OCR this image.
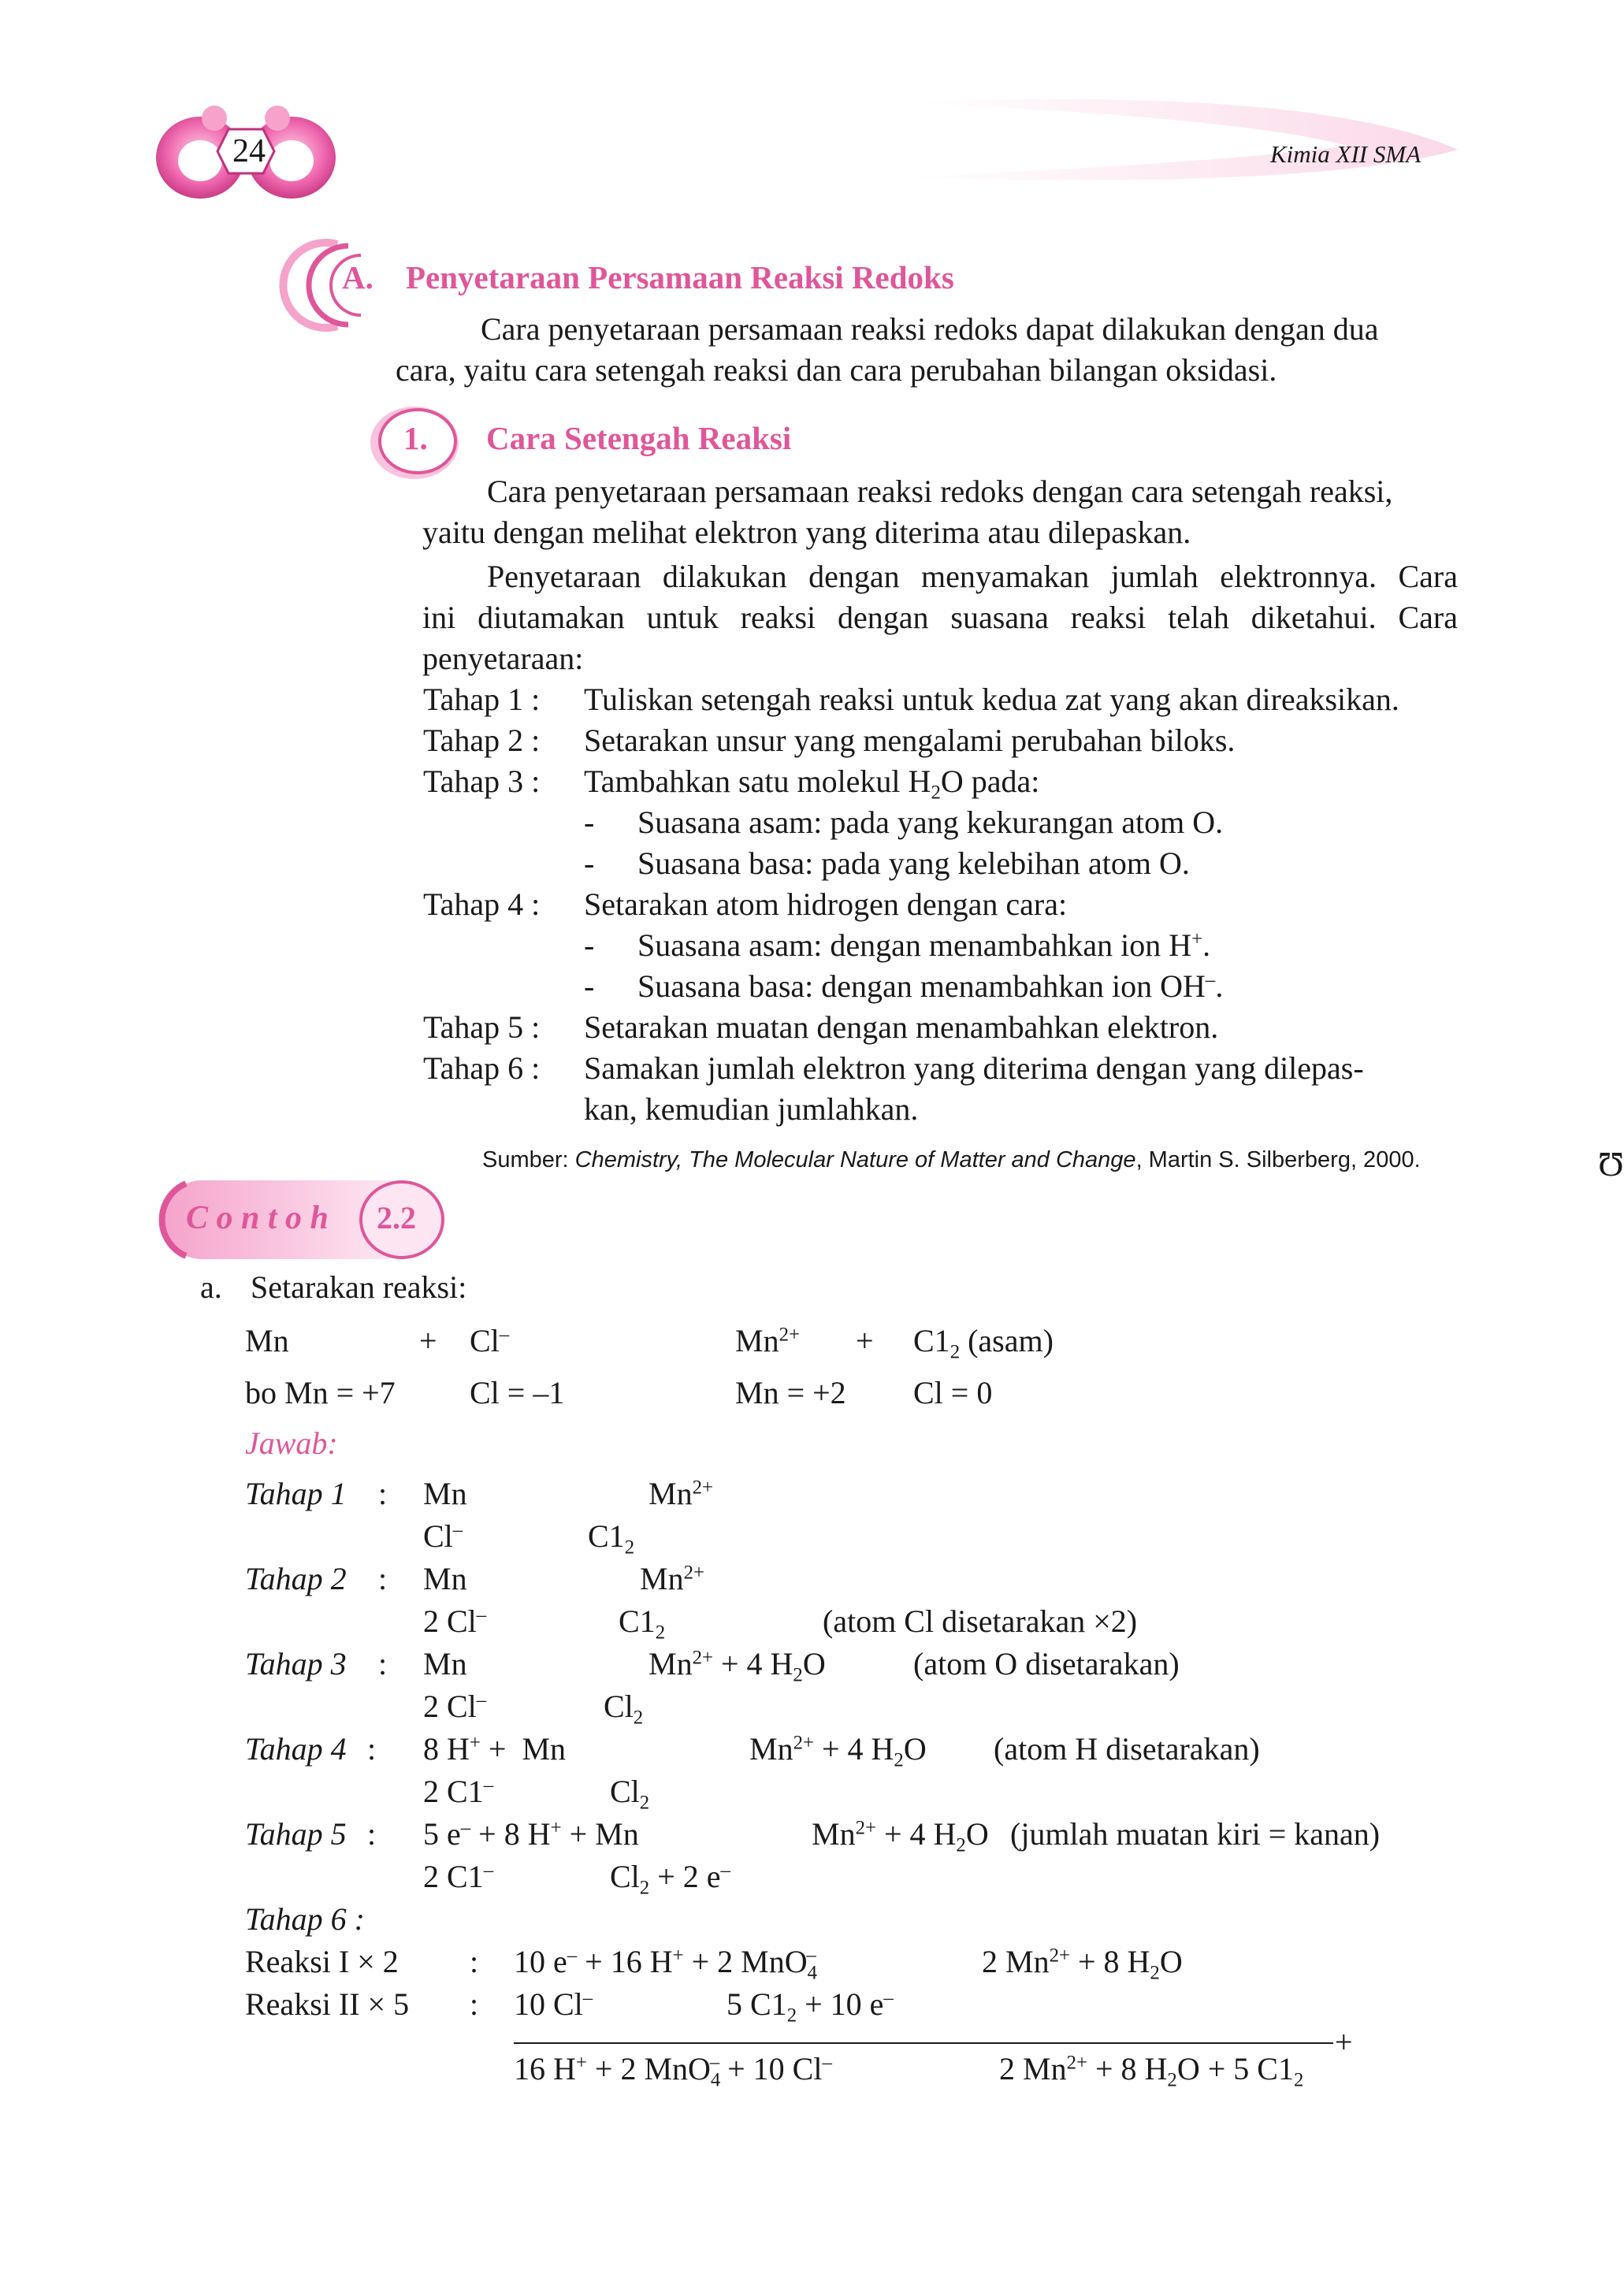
24	Kimia XII SMA
A. Penyetaraan Persamaan Reaksi Redoks
Cara penyetaraan persamaan reaksi redoks dapat dilakukan dengan dua
cara, yaitu cara setengah reaksi dan cara perubahan bilangan oksidasi.
1. Cara Setengah Reaksi
Cara penyetaraan persamaan reaksi redoks dengan cara setengah reaksi,
yaitu dengan melihat elektron yang diterima atau dilepaskan.
Penyetaraan dilakukan dengan menyamakan jumlah elektronnya. Cara
ini diutamakan untuk reaksi dengan suasana reaksi telah diketahui. Cara
penyetaraan:
Tahap 1 : Tuliskan setengah reaksi untuk kedua zat yang akan direaksikan.
Tahap 2 : Setarakan unsur yang mengalami perubahan biloks.
Tahap 3 : Tambahkan satu molekul $H_2O$ pada:
- Suasana asam: pada yang kekurangan atom O.
- Suasana basa: pada yang kelebihan atom O.
Tahap 4 : Setarakan atom hidrogen dengan cara:
- Suasana asam: dengan menambahkan ion H+.
- Suasana basa: dengan menambahkan ion OH–.
Tahap 5 : Setarakan muatan dengan menambahkan elektron.
Tahap 6 : Samakan jumlah elektron yang diterima dengan yang dilepas-
kan, kemudian jumlahkan.
Sumber: Chemistry, The Molecular Nature of Matter and Change, Martin S. Silberberg, 2000.	Ʊ
C o n t o h 2.2
a. Setarakan reaksi:
Mn	+ Cl–	$Mn^{2+} + C1_2$ (asam)
bo Mn = +7 Cl = –1	Mn = +2 Cl = 0
Jawab:
Tahap 1 : Mn	$Mn^{2+}$
Cl–	$C1_2$
Tahap 2 : Mn	$Mn^{2+}$
2 Cl–	$C1_2$	(atom Cl disetarakan ×2)
Tahap 3 : Mn	$Mn^{2+} + 4$ $H_2O$	(atom O disetarakan)
2 Cl–	$Cl_2$
Tahap 4 : 8 H+ +  Mn	$Mn^{2+} + 4$ $H_2O$ (atom H disetarakan)
2 C1–	$Cl_2$
Tahap 5 : 5 e– + 8 H+ + Mn	$Mn^{2+} + 4$ $H_2O$ (jumlah muatan kiri = kanan)
2 C1–	$Cl_2 + 2$ e–
Tahap 6 :
Reaksi I × 2 : 10 e– + 16 H+ + 2 MnO$_4$–	2 $Mn^{2+} + 8$ $H_2O$
Reaksi II × 5 : 10 Cl–	5 $C1_2 + 10$ e–
+
16 H+ + 2 MnO$_4$– + 10 Cl–	2 $Mn^{2+} + 8$ $H_2O + 5$ $C1_2$
